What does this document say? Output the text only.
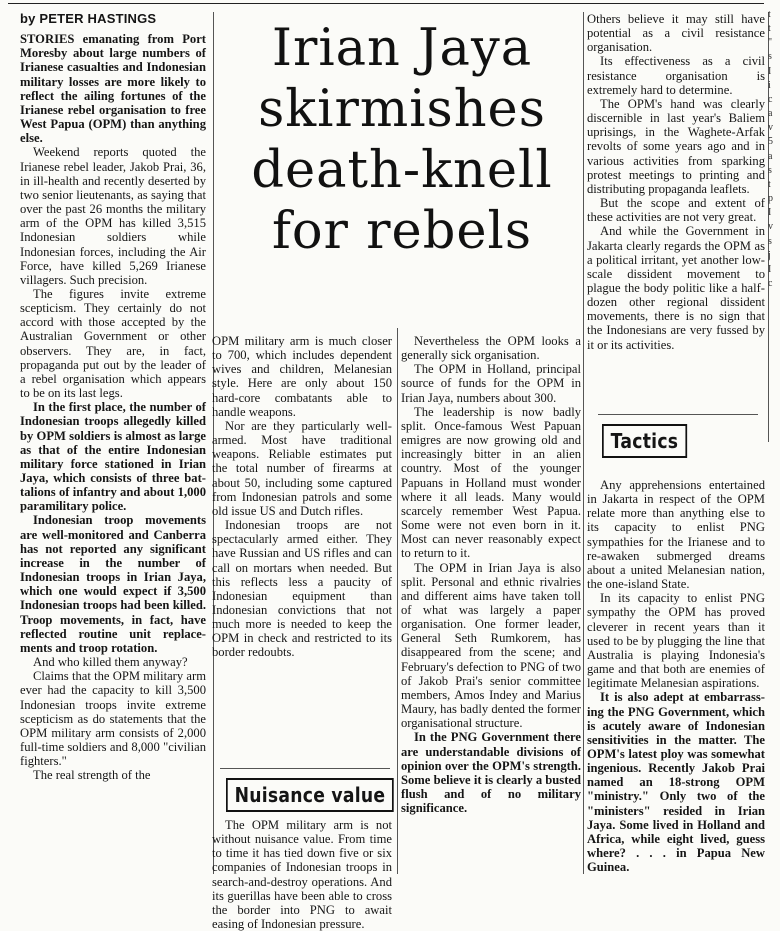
by PETER HASTINGS

STORIES emanating from Port Moresby about large numbers of Irianese casualties and Indonesian military losses are more likely to reflect the ailing fortunes of the Irianese rebel organisation to free West Papua (OPM) than anything else.

Weekend reports quoted the Irianese rebel leader, Jakob Prai, 36, in ill-health and recently deserted by two senior lieutenants, as saying that over the past 26 months the military arm of the OPM has killed 3,515 Indonesian soldiers while Indonesian forces, including the Air Force, have killed 5,269 Irianese villagers. Such precision.

The figures invite extreme scepticism. They certainly do not accord with those accepted by the Australian Government or other observers. They are, in fact, propaganda put out by the leader of a rebel organisation which appears to be on its last legs.

In the first place, the number of Indonesian troops allegedly killed by OPM soldiers is almost as large as that of the entire Indonesian military force stationed in Irian Jaya, which consists of three battalions of infantry and about 1,000 paramilitary police.

Indonesian troop movements are well-monitored and Canberra has not reported any significant increase in the number of Indonesian troops in Irian Jaya, which one would expect if 3,500 Indonesian troops had been killed. Troop movements, in fact, have reflected routine unit replacements and troop rotation.

And who killed them anyway?

Claims that the OPM military arm ever had the capacity to kill 3,500 Indonesian troops invite extreme scepticism as do statements that the OPM military arm consists of 2,000 full-time soldiers and 8,000 "civilian fighters."

The real strength of the

Irian Jaya
skirmishes
death-knell
for rebels

OPM military arm is much closer to 700, which includes dependent wives and children, Melanesian style. Here are only about 150 hard-core combatants able to handle weapons.

Nor are they particularly well-armed. Most have traditional weapons. Reliable estimates put the total number of firearms at about 50, including some captured from Indonesian patrols and some old issue US and Dutch rifles.

Indonesian troops are not spectacularly armed either. They have Russian and US rifles and can call on mortars when needed. But this reflects less a paucity of Indonesian equipment than Indonesian convictions that not much more is needed to keep the OPM in check and restricted to its border redoubts.

Nuisance value

The OPM military arm is not without nuisance value. From time to time it has tied down five or six companies of Indonesian troops in search-and-destroy operations. And its guerillas have been able to cross the border into PNG to await easing of Indonesian pressure.

Nevertheless the OPM looks a generally sick organisation.

The OPM in Holland, principal source of funds for the OPM in Irian Jaya, numbers about 300.

The leadership is now badly split. Once-famous West Papuan emigres are now growing old and increasingly bitter in an alien country. Most of the younger Papuans in Holland must wonder where it all leads. Many would scarcely remember West Papua. Some were not even born in it. Most can never reasonably expect to return to it.

The OPM in Irian Jaya is also split. Personal and ethnic rivalries and different aims have taken toll of what was largely a paper organisation. One former leader, General Seth Rumkorem, has disappeared from the scene; and February's defection to PNG of two of Jakob Prai's senior committee members, Amos Indey and Marius Maury, has badly dented the former organisational structure.

In the PNG Government there are understandable divisions of opinion over the OPM's strength. Some believe it is clearly a busted flush and of no military significance.

Others believe it may still have potential as a civil resistance organisation.

Its effectiveness as a civil resistance organisation is extremely hard to determine.

The OPM's hand was clearly discernible in last year's Baliem uprisings, in the Waghete-Arfak revolts of some years ago and in various activities from sparking protest meetings to printing and distributing propaganda leaflets.

But the scope and extent of these activities are not very great.

And while the Government in Jakarta clearly regards the OPM as a political irritant, yet another low-scale dissident movement to plague the body politic like a half-dozen other regional dissident movements, there is no sign that the Indonesians are very fussed by it or its activities.

Tactics

Any apprehensions entertained in Jakarta in respect of the OPM relate more than anything else to its capacity to enlist PNG sympathies for the Irianese and to re-awaken submerged dreams about a united Melanesian nation, the one-island State.

In its capacity to enlist PNG sympathy the OPM has proved cleverer in recent years than it used to be by plugging the line that Australia is playing Indonesia's game and that both are enemies of legitimate Melanesian aspirations.

It is also adept at embarrassing the PNG Government, which is acutely aware of Indonesian sensitivities in the matter. The OPM's latest ploy was somewhat ingenious. Recently Jakob Prai named an 18-strong OPM "ministry." Only two of the "ministers" resided in Irian Jaya. Some lived in Holland and Africa, while eight lived, guess where? . . . in Papua New Guinea.

t
t
"
s
I
i
c
a
v
5
a
s
t
p
I
v
s
j
I
c
